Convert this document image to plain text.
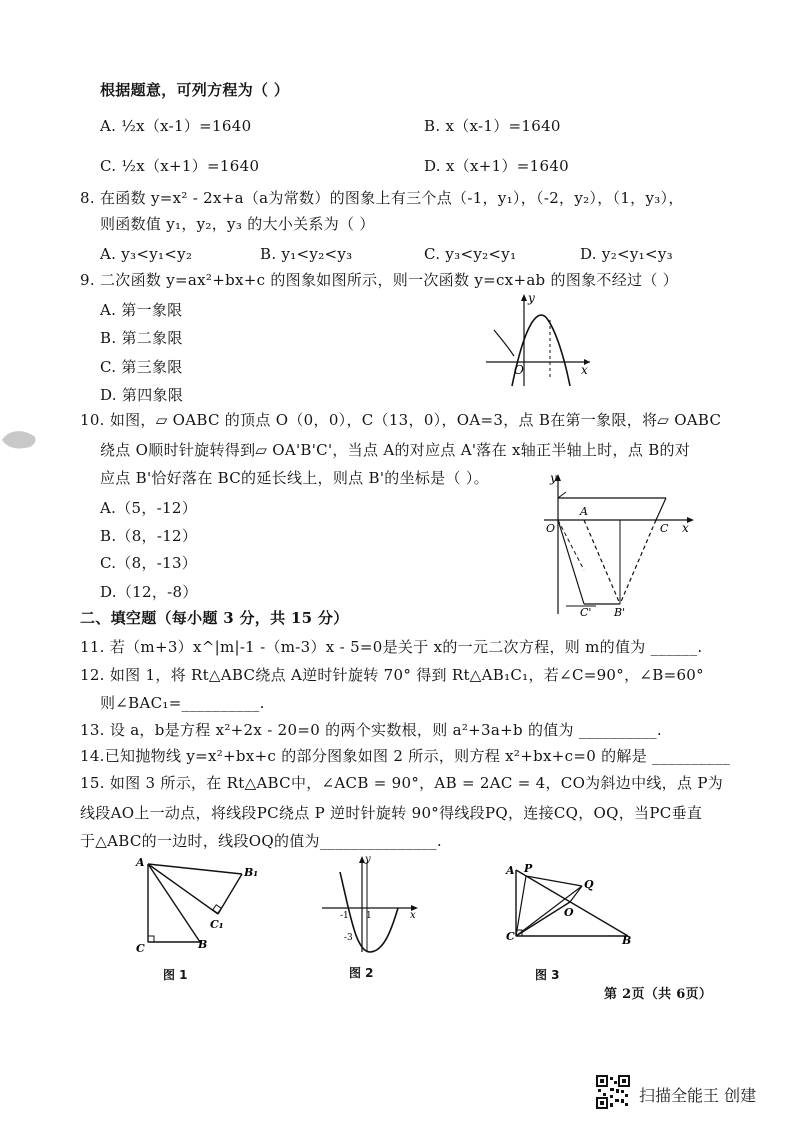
根据题意，可列方程为（ ）
A. ½x（x-1）=1640	B. x（x-1）=1640
C. ½x（x+1）=1640	D. x（x+1）=1640
8. 在函数 y=x² - 2x+a（a为常数）的图象上有三个点（-1，y₁），（-2，y₂），（1，y₃），
则函数值 y₁，y₂，y₃ 的大小关系为（ ）
A. y₃<y₁<y₂	B. y₁<y₂<y₃	C. y₃<y₂<y₁	D. y₂<y₁<y₃
9. 二次函数 y=ax²+bx+c 的图象如图所示，则一次函数 y=cx+ab 的图象不经过（ ）
A. 第一象限
B. 第二象限
C. 第三象限
D. 第四象限
y
x
O
10. 如图，▱ OABC 的顶点 O（0，0），C（13，0），OA=3，点 B在第一象限，将▱ OABC
绕点 O顺时针旋转得到▱ OA'B'C'，当点 A的对应点 A'落在 x轴正半轴上时，点 B的对
应点 B'恰好落在 BC的延长线上，则点 B'的坐标是（ ）。
A.（5，-12）
B.（8，-12）
C.（8，-13）
D.（12，-8）
y
x
O
A
C
C' B'
二、填空题（每小题 3 分，共 15 分）
11. 若（m+3）x^|m|-1 -（m-3）x - 5=0是关于 x的一元二次方程，则 m的值为 ______.
12. 如图 1，将 Rt△ABC绕点 A逆时针旋转 70° 得到 Rt△AB₁C₁，若∠C=90°，∠B=60°
则∠BAC₁=__________.
13. 设 a，b是方程 x²+2x - 20=0 的两个实数根，则 a²+3a+b 的值为 __________.
14.已知抛物线 y=x²+bx+c 的部分图象如图 2 所示，则方程 x²+bx+c=0 的解是 __________
15. 如图 3 所示，在 Rt△ABC中，∠ACB = 90°，AB = 2AC = 4，CO为斜边中线，点 P为
线段AO上一动点，将线段PC绕点 P 逆时针旋转 90°得线段PQ，连接CQ，OQ，当PC垂直
于△ABC的一边时，线段OQ的值为_______________.
A
B₁
C₁
C	B
图 1
y
x
-1 1
-3
图 2
A P
Q
O
C	B
图 3
第 2页（共 6页）
扫描全能王 创建
